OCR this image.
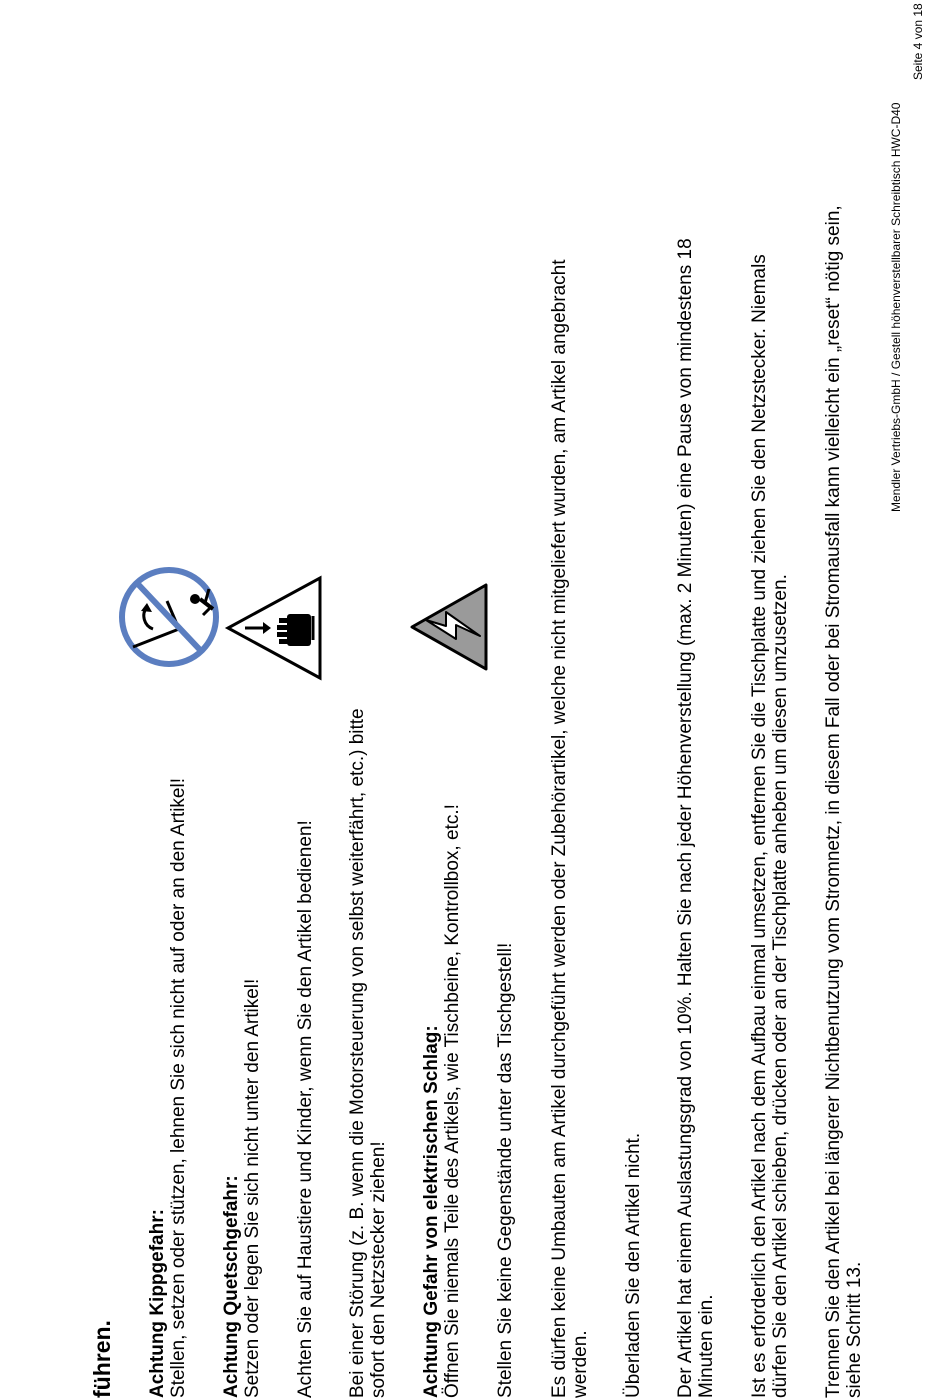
führen. Achtung Kippgefahr: Stellen, setzen oder stützen, lehnen Sie sich nicht auf oder an den Artikel! Achtung Quetschgefahr: Setzen oder legen Sie sich nicht unter den Artikel! Achten Sie auf Haustiere und Kinder, wenn Sie den Artikel bedienen! Bei einer Störung (z. B. wenn die Motorsteuerung von selbst weiterfährt, etc.) bitte sofort den Netzstecker ziehen! Achtung Gefahr von elektrischen Schlag: Öffnen Sie niemals Teile des Artikels, wie Tischbeine, Kontrollbox, etc.! Stellen Sie keine Gegenstände unter das Tischgestell! Es dürfen keine Umbauten am Artikel durchgeführt werden oder Zubehörartikel, welche nicht mitgeliefert wurden, am Artikel angebracht werden. Überladen Sie den Artikel nicht. Der Artikel hat einem Auslastungsgrad von 10%. Halten Sie nach jeder Höhenverstellung (max. 2 Minuten) eine Pause von mindestens 18 Minuten ein. Ist es erforderlich den Artikel nach dem Aufbau einmal umsetzen, entfernen Sie die Tischplatte und ziehen Sie den Netzstecker. Niemals dürfen Sie den Artikel schieben, drücken oder an der Tischplatte anheben um diesen umzusetzen. Trennen Sie den Artikel bei längerer Nichtbenutzung vom Stromnetz, in diesem Fall oder bei Stromausfall kann vielleicht ein „reset“ nötig sein, siehe Schritt 13.
Mendler Vertriebs-GmbH / Gestell höhenverstellbarer Schreibtisch HWC-D40
Seite 4 von 18
